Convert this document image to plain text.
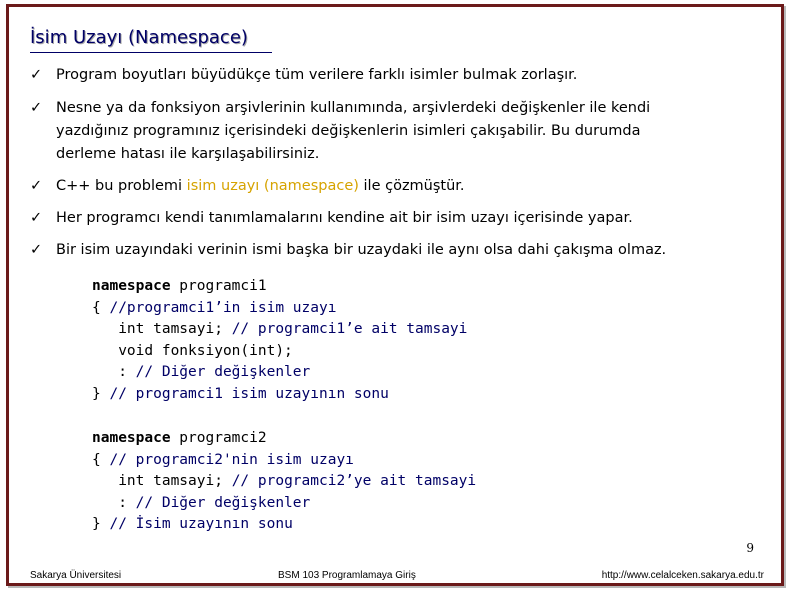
İsim Uzayı (Namespace)
✓ Program boyutları büyüdükçe tüm verilere farklı isimler bulmak zorlaşır.
✓ Nesne ya da fonksiyon arşivlerinin kullanımında, arşivlerdeki değişkenler ile kendi
yazdığınız programınız içerisindeki değişkenlerin isimleri çakışabilir. Bu durumda
derleme hatası ile karşılaşabilirsiniz.
✓ C++ bu problemi isim uzayı (namespace) ile çözmüştür.
✓ Her programcı kendi tanımlamalarını kendine ait bir isim uzayı içerisinde yapar.
✓ Bir isim uzayındaki verinin ismi başka bir uzaydaki ile aynı olsa dahi çakışma olmaz.
namespace programci1
{ //programci1’in isim uzayı
int tamsayi; // programci1’e ait tamsayi
void fonksiyon(int);
: // Diğer değişkenler
} // programci1 isim uzayının sonu
namespace programci2
{ // programci2'nin isim uzayı
int tamsayi; // programci2’ye ait tamsayi
: // Diğer değişkenler
} // İsim uzayının sonu
9
Sakarya Üniversitesi	BSM 103 Programlamaya Giriş	http://www.celalceken.sakarya.edu.tr
